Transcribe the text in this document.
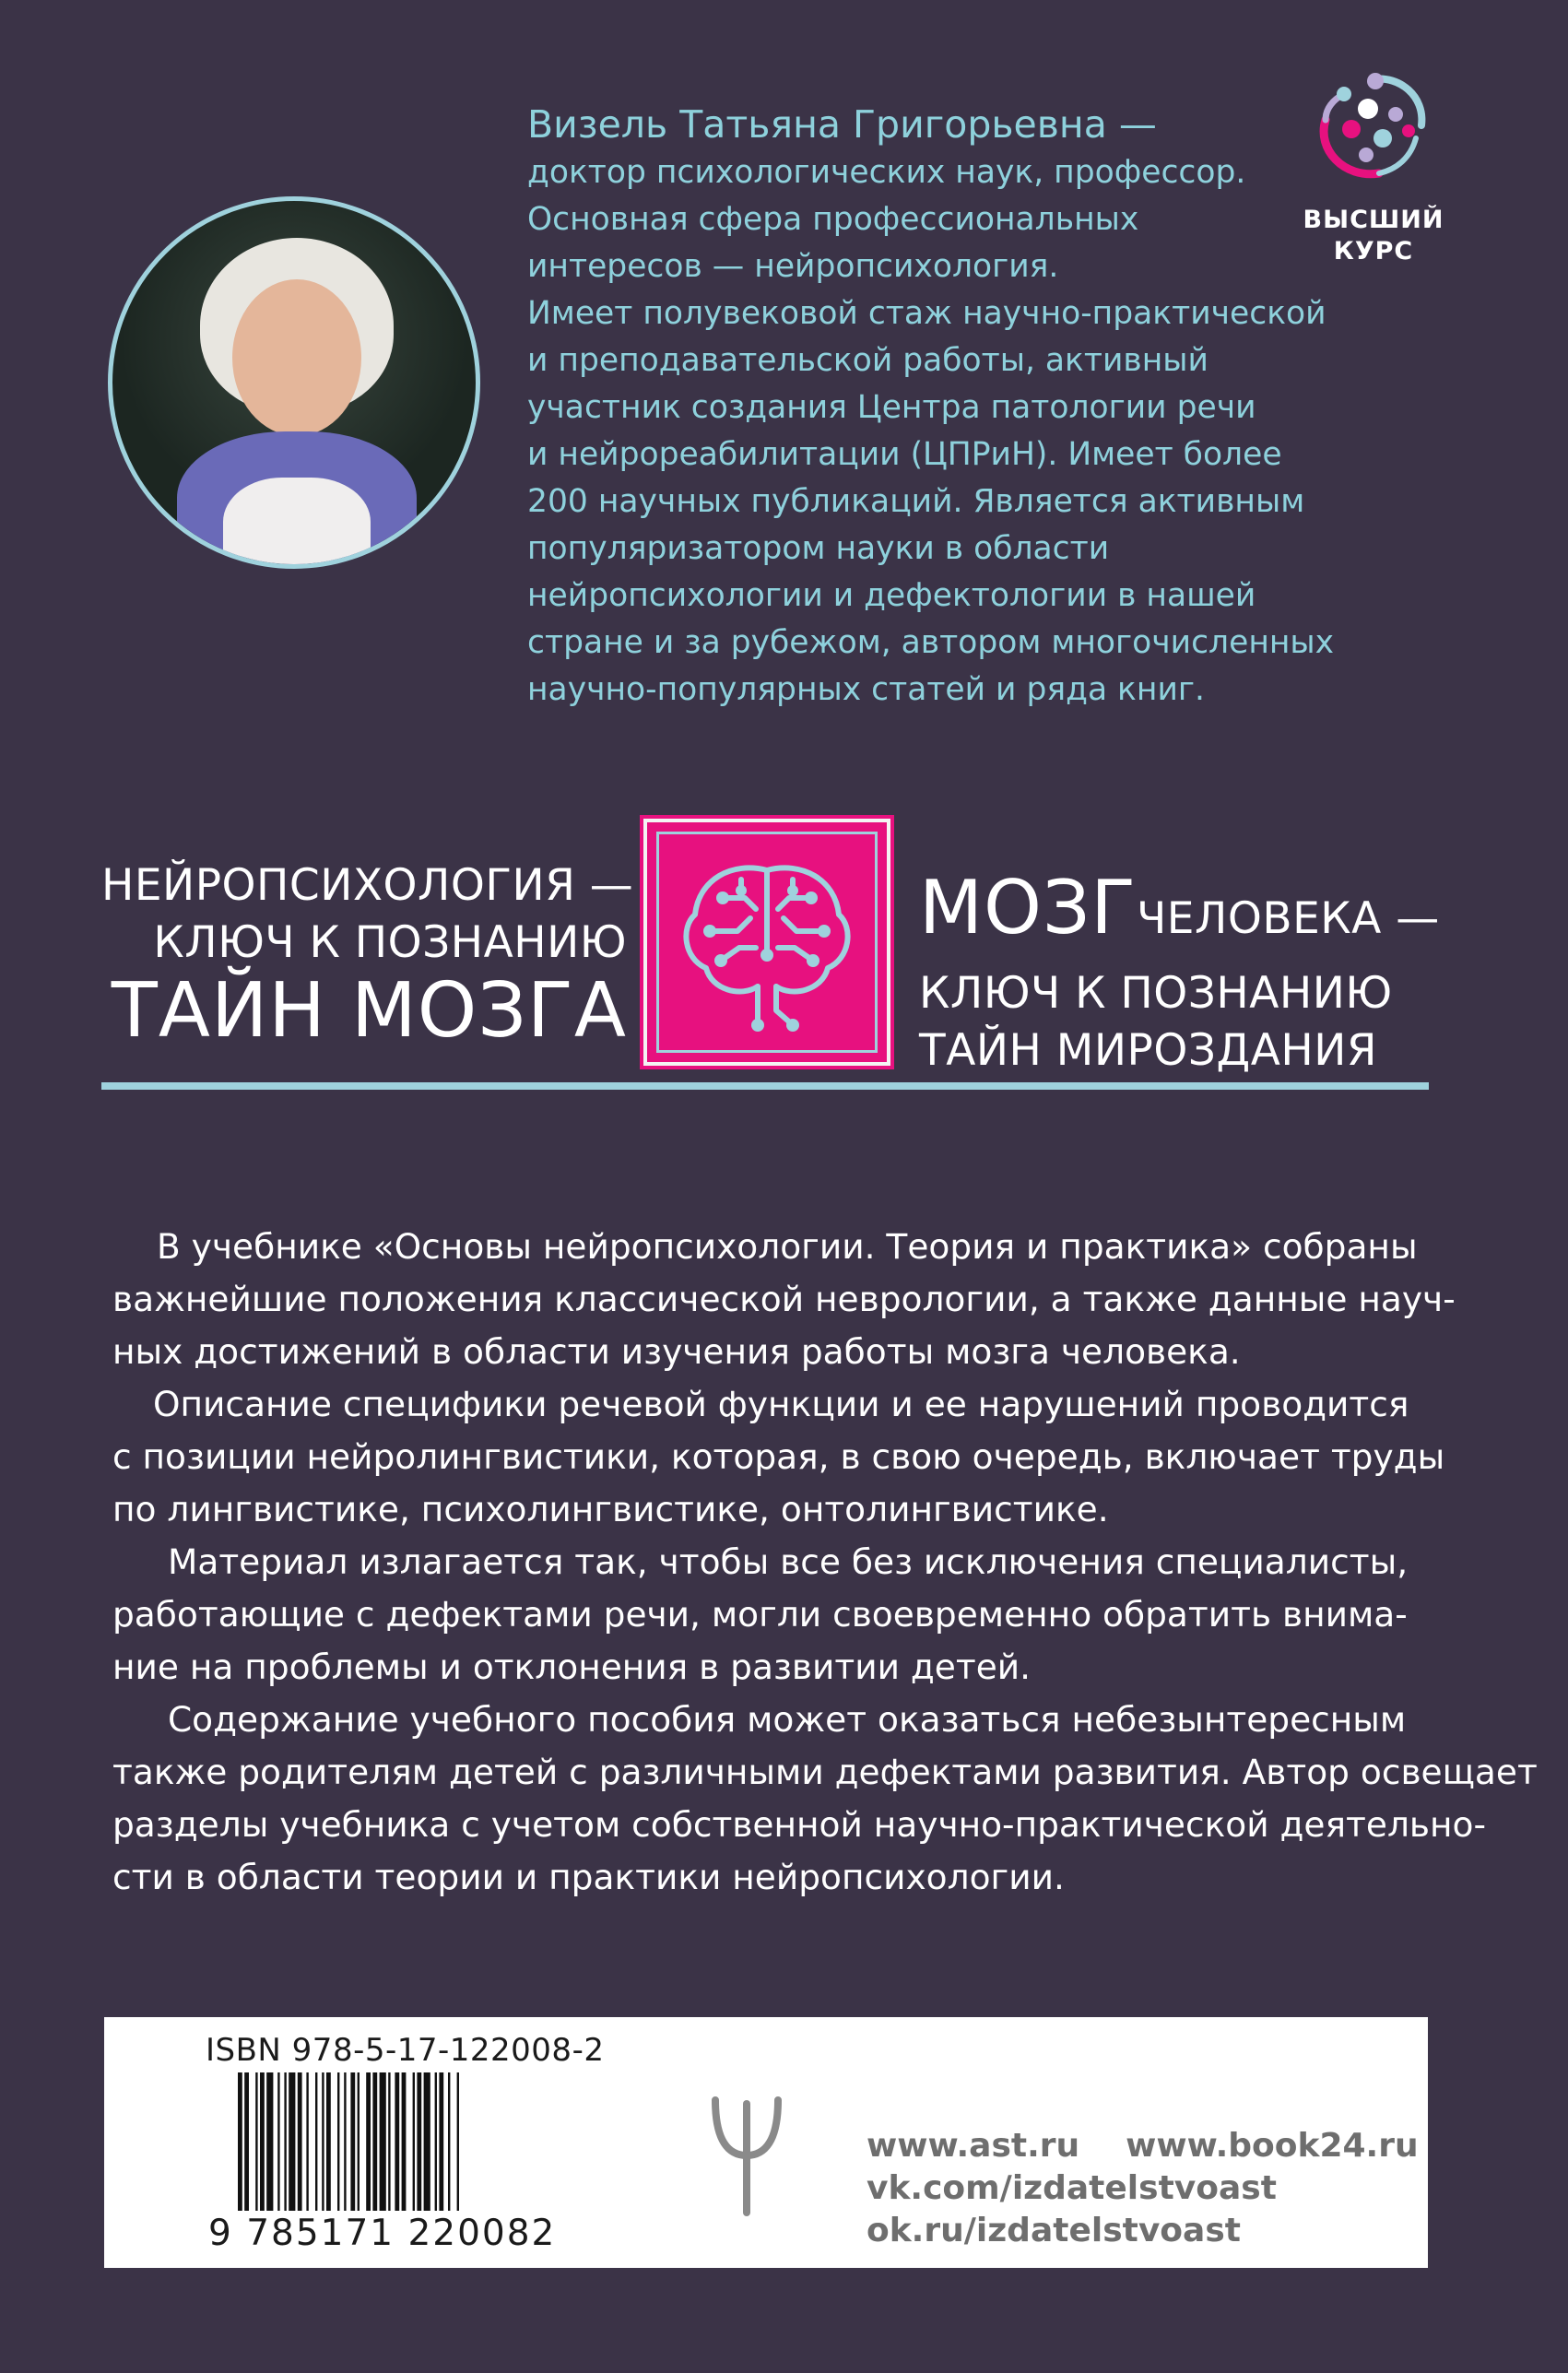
ВЫСШИЙ
КУРС
Визель Татьяна Григорьевна —
доктор психологических наук, профессор.
Основная сфера профессиональных
интересов — нейропсихология.
Имеет полувековой стаж научно-практической
и преподавательской работы, активный
участник создания Центра патологии речи
и нейрореабилитации (ЦПРиН). Имеет более
200 научных публикаций. Является активным
популяризатором науки в области
нейропсихологии и дефектологии в нашей
стране и за рубежом, автором многочисленных
научно-популярных статей и ряда книг.
НЕЙРОПСИХОЛОГИЯ —
КЛЮЧ К ПОЗНАНИЮ
ТАЙН МОЗГА
МОЗГЧЕЛОВЕКА —
КЛЮЧ К ПОЗНАНИЮ
ТАЙН МИРОЗДАНИЯ
В учебнике «Основы нейропсихологии. Теория и практика» собраны
важнейшие положения классической неврологии, а также данные науч-
ных достижений в области изучения работы мозга человека.
Описание специфики речевой функции и ее нарушений проводится
с позиции нейролингвистики, которая, в свою очередь, включает труды
по лингвистике, психолингвистике, онтолингвистике.
Материал излагается так, чтобы все без исключения специалисты,
работающие с дефектами речи, могли своевременно обратить внима-
ние на проблемы и отклонения в развитии детей.
Содержание учебного пособия может оказаться небезынтересным
также родителям детей с различными дефектами развития. Автор освещает
разделы учебника с учетом собственной научно-практической деятельно-
сти в области теории и практики нейропсихологии.
ISBN 978-5-17-122008-2
9 785171 220082
www.ast.ru www.book24.ru
vk.com/izdatelstvoast
ok.ru/izdatelstvoast
